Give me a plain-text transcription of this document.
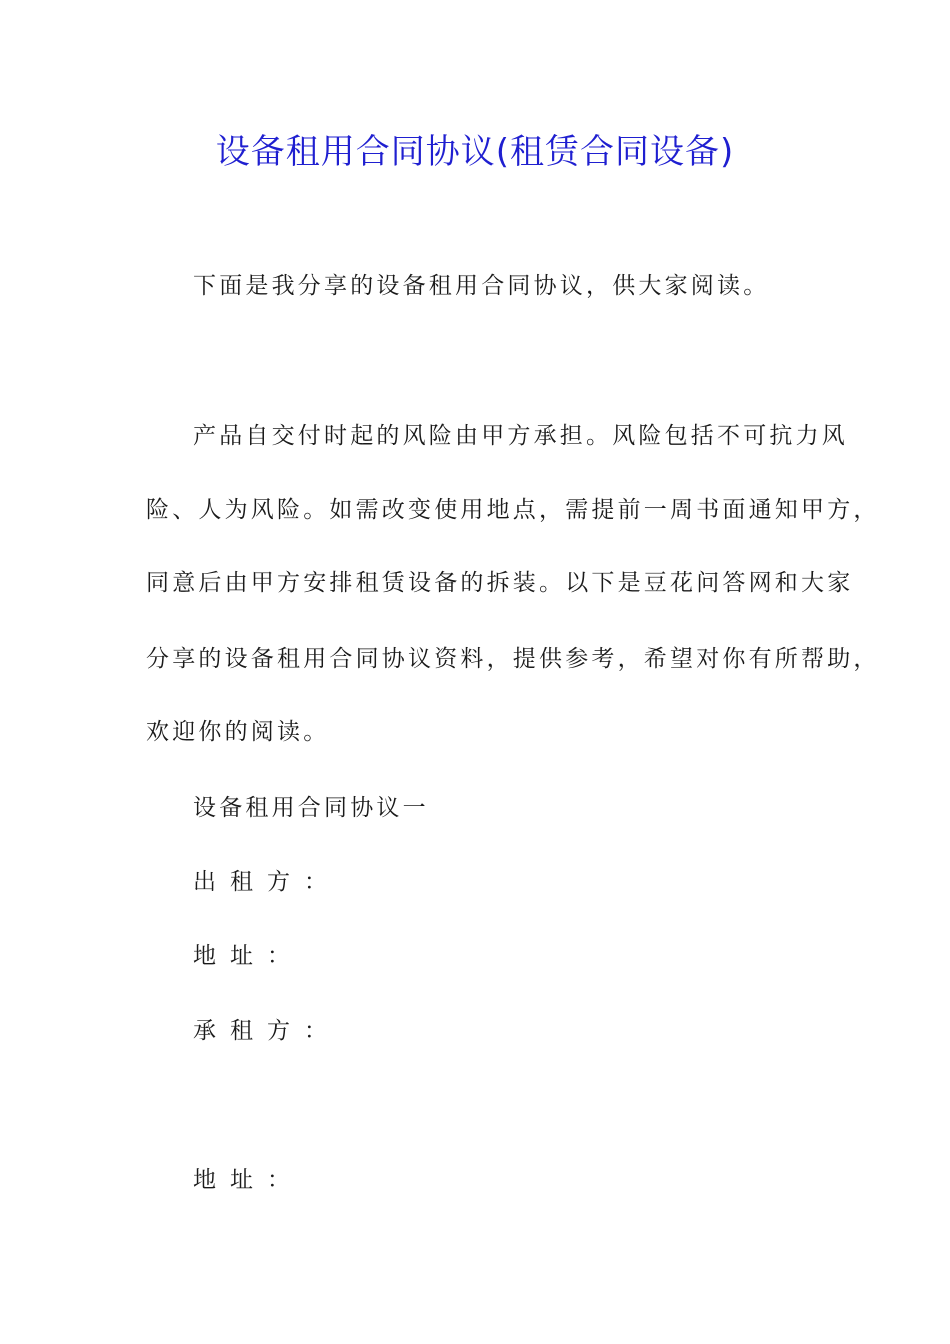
设备租用合同协议(租赁合同设备)
下面是我分享的设备租用合同协议，供大家阅读。
产品自交付时起的风险由甲方承担。风险包括不可抗力风
险、人为风险。如需改变使用地点，需提前一周书面通知甲方，
同意后由甲方安排租赁设备的拆装。以下是豆花问答网和大家
分享的设备租用合同协议资料，提供参考，希望对你有所帮助，
欢迎你的阅读。
设备租用合同协议一
出租方：
地址：
承租方：
地址：
